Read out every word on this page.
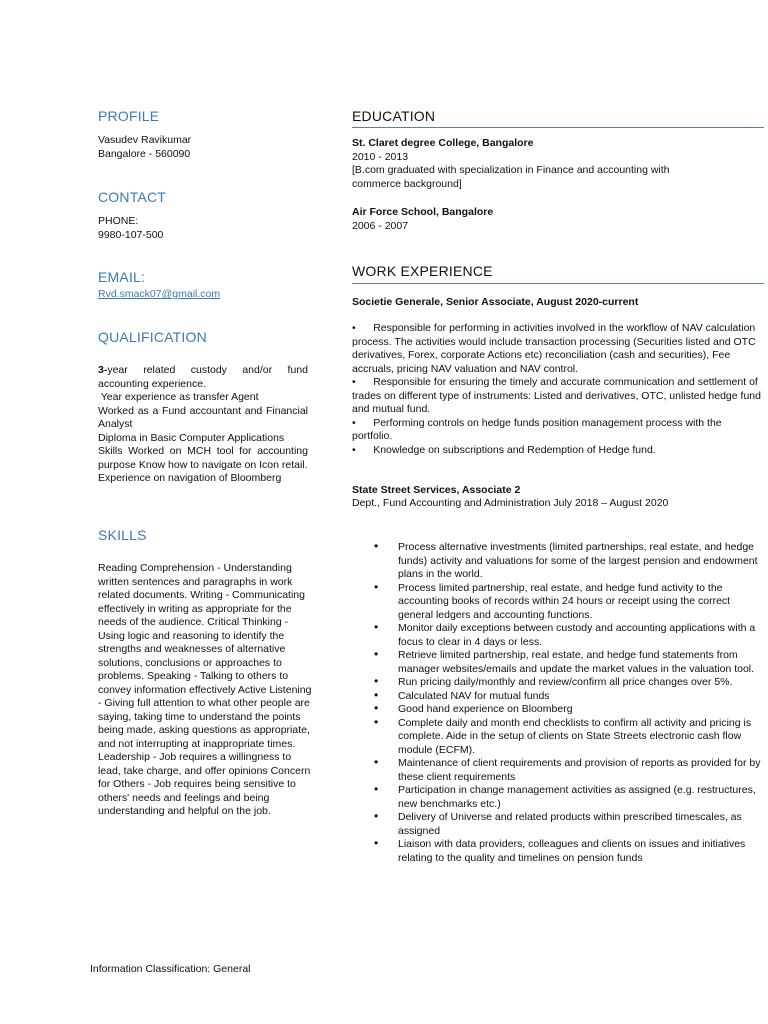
PROFILE
Vasudev Ravikumar
Bangalore - 560090
CONTACT
PHONE:
9980-107-500
EMAIL:
Rvd.smack07@gmail.com
QUALIFICATION
3-year related custody and/or fund accounting experience.
Year experience as transfer Agent
Worked as a Fund accountant and Financial Analyst
Diploma in Basic Computer Applications
Skills Worked on MCH tool for accounting purpose Know how to navigate on Icon retail.
Experience on navigation of Bloomberg
SKILLS
Reading Comprehension - Understanding written sentences and paragraphs in work related documents. Writing - Communicating effectively in writing as appropriate for the needs of the audience. Critical Thinking - Using logic and reasoning to identify the strengths and weaknesses of alternative solutions, conclusions or approaches to problems. Speaking - Talking to others to convey information effectively Active Listening - Giving full attention to what other people are saying, taking time to understand the points being made, asking questions as appropriate, and not interrupting at inappropriate times. Leadership - Job requires a willingness to lead, take charge, and offer opinions Concern for Others - Job requires being sensitive to others' needs and feelings and being understanding and helpful on the job.
EDUCATION
St. Claret degree College, Bangalore
2010 - 2013
[B.com graduated with specialization in Finance and accounting with commerce background]
Air Force School, Bangalore
2006 - 2007
WORK EXPERIENCE
Societie Generale, Senior Associate, August 2020-current
• Responsible for performing in activities involved in the workflow of NAV calculation process. The activities would include transaction processing (Securities listed and OTC derivatives, Forex, corporate Actions etc) reconciliation (cash and securities), Fee accruals, pricing NAV valuation and NAV control.
• Responsible for ensuring the timely and accurate communication and settlement of trades on different type of instruments: Listed and derivatives, OTC, unlisted hedge fund and mutual fund.
• Performing controls on hedge funds position management process with the portfolio.
• Knowledge on subscriptions and Redemption of Hedge fund.
State Street Services, Associate 2
Dept., Fund Accounting and Administration July 2018 – August 2020
• Process alternative investments (limited partnerships, real estate, and hedge funds) activity and valuations for some of the largest pension and endowment plans in the world.
• Process limited partnership, real estate, and hedge fund activity to the accounting books of records within 24 hours or receipt using the correct general ledgers and accounting functions.
• Monitor daily exceptions between custody and accounting applications with a focus to clear in 4 days or less.
• Retrieve limited partnership, real estate, and hedge fund statements from manager websites/emails and update the market values in the valuation tool.
• Run pricing daily/monthly and review/confirm all price changes over 5%.
• Calculated NAV for mutual funds
• Good hand experience on Bloomberg
• Complete daily and month end checklists to confirm all activity and pricing is complete. Aide in the setup of clients on State Streets electronic cash flow module (ECFM).
• Maintenance of client requirements and provision of reports as provided for by these client requirements
• Participation in change management activities as assigned (e.g. restructures, new benchmarks etc.)
• Delivery of Universe and related products within prescribed timescales, as assigned
• Liaison with data providers, colleagues and clients on issues and initiatives relating to the quality and timelines on pension funds
Information Classification: General
